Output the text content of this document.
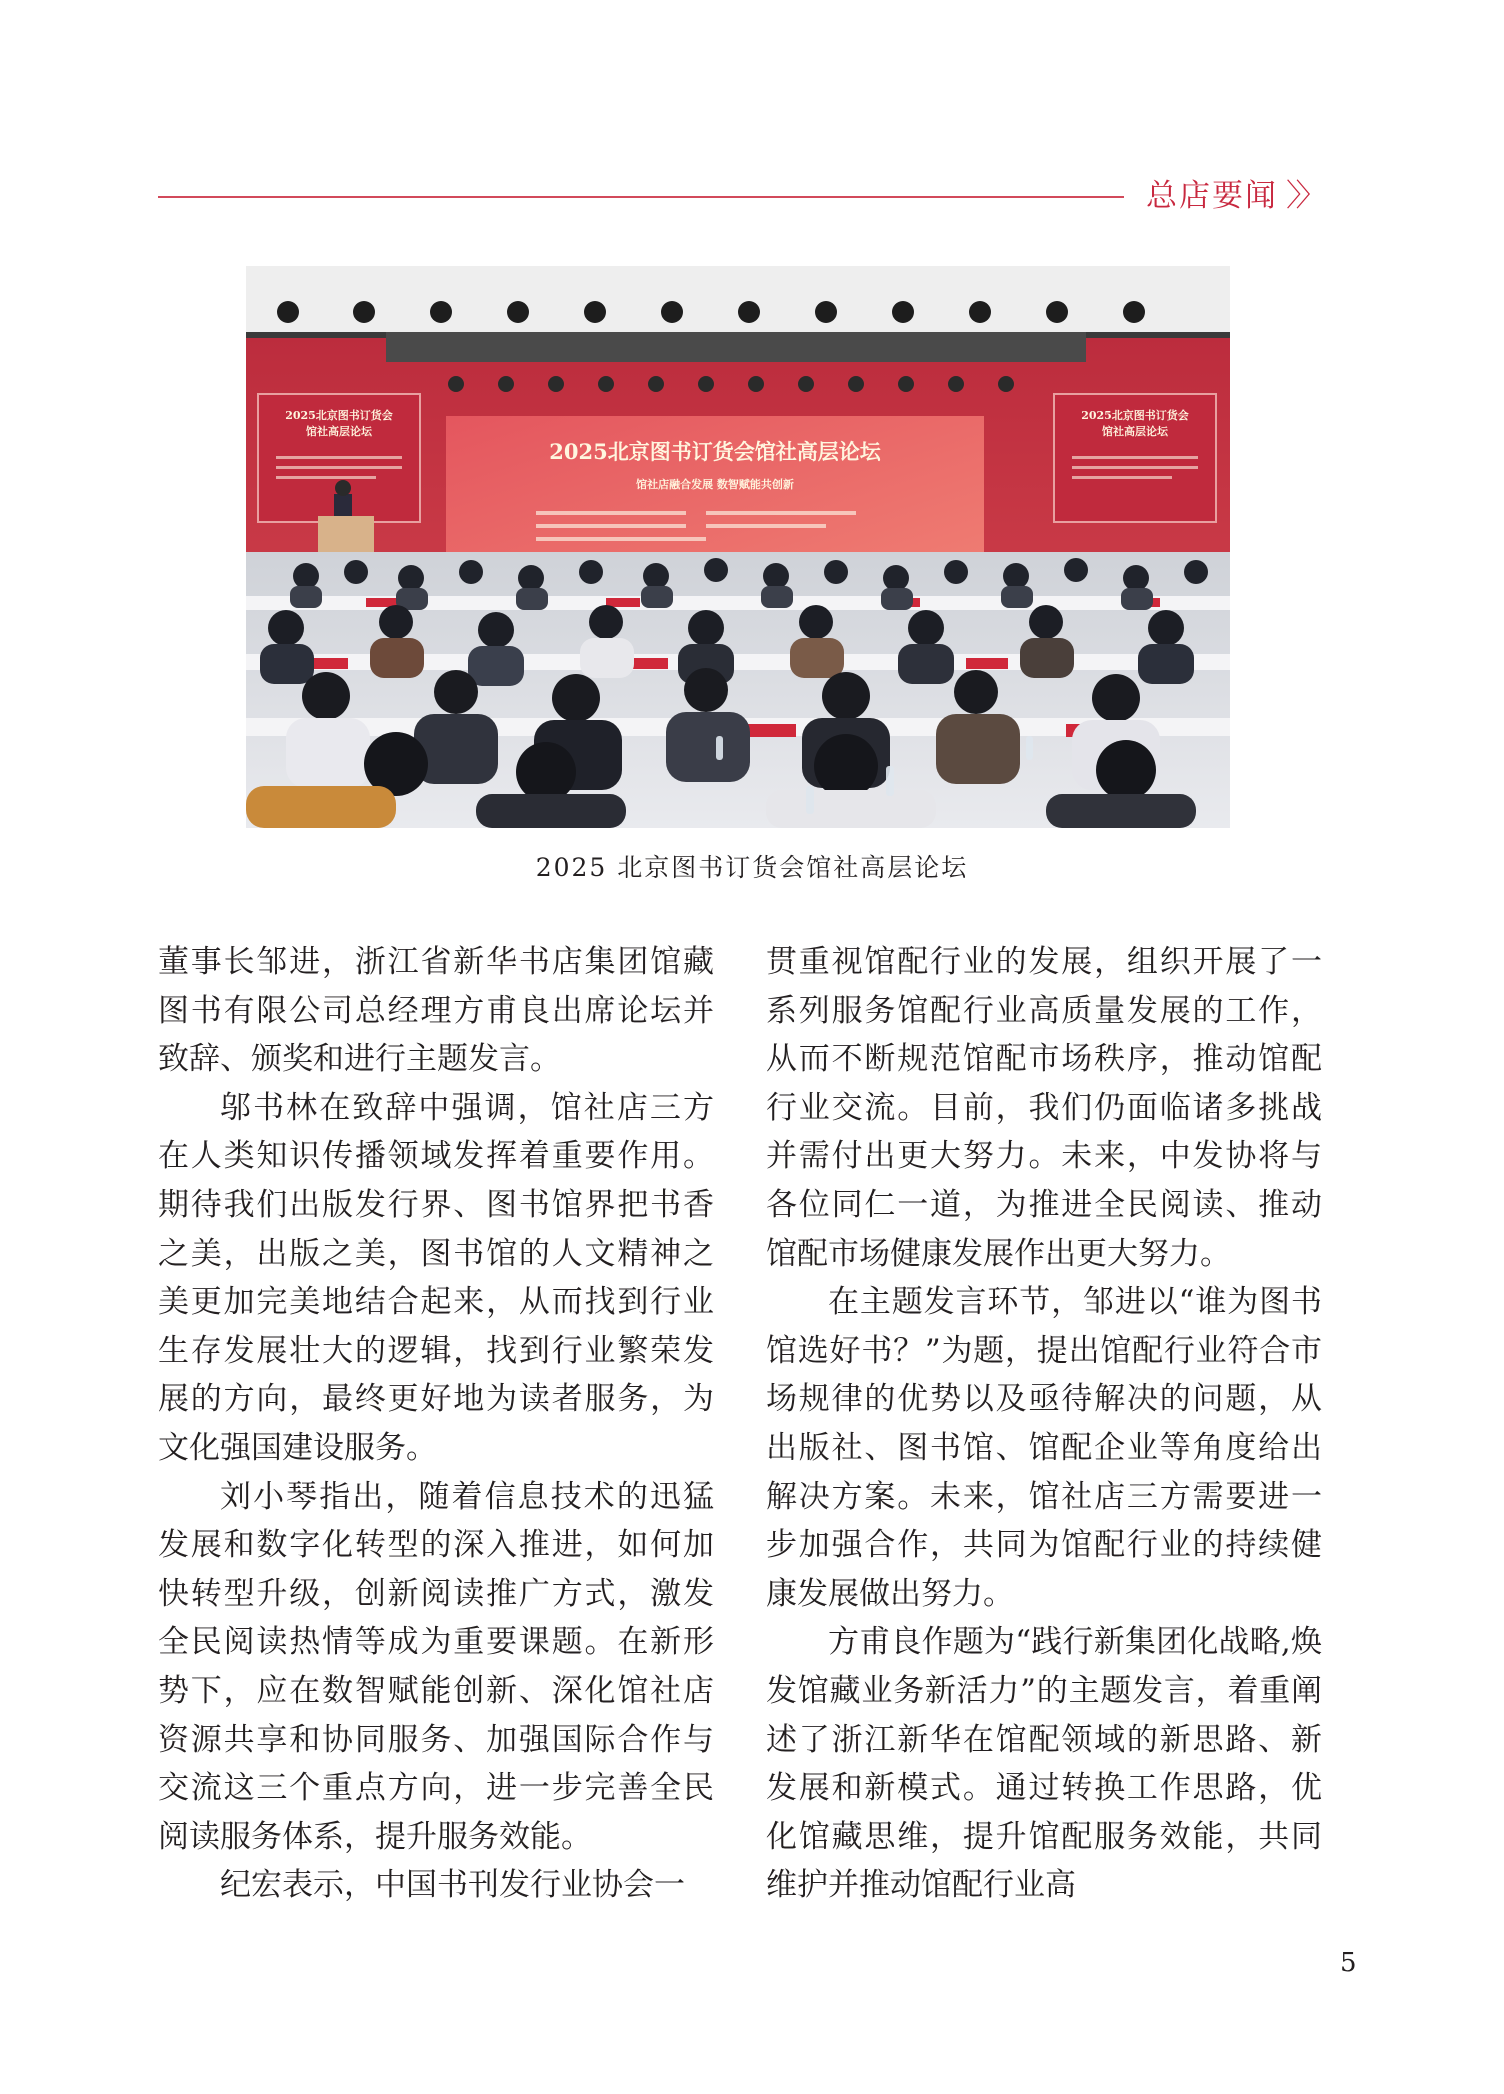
总店要闻 〉〉
2025北京图书订货会馆社高层论坛
馆社店融合发展 数智赋能共创新
2025北京图书订货会
馆社高层论坛
2025北京图书订货会
馆社高层论坛
2025 北京图书订货会馆社高层论坛

董事长邹进，浙江省新华书店集团馆藏图书有限公司总经理方甫良出席论坛并致辞、颁奖和进行主题发言。

邬书林在致辞中强调，馆社店三方在人类知识传播领域发挥着重要作用。期待我们出版发行界、图书馆界把书香之美，出版之美，图书馆的人文精神之美更加完美地结合起来，从而找到行业生存发展壮大的逻辑，找到行业繁荣发展的方向，最终更好地为读者服务，为文化强国建设服务。

刘小琴指出，随着信息技术的迅猛发展和数字化转型的深入推进，如何加快转型升级，创新阅读推广方式，激发全民阅读热情等成为重要课题。在新形势下，应在数智赋能创新、深化馆社店资源共享和协同服务、加强国际合作与交流这三个重点方向，进一步完善全民阅读服务体系，提升服务效能。

纪宏表示，中国书刊发行业协会一

贯重视馆配行业的发展，组织开展了一系列服务馆配行业高质量发展的工作，从而不断规范馆配市场秩序，推动馆配行业交流。目前，我们仍面临诸多挑战并需付出更大努力。未来，中发协将与各位同仁一道，为推进全民阅读、推动馆配市场健康发展作出更大努力。

在主题发言环节，邹进以“谁为图书馆选好书？”为题，提出馆配行业符合市场规律的优势以及亟待解决的问题，从出版社、图书馆、馆配企业等角度给出解决方案。未来，馆社店三方需要进一步加强合作，共同为馆配行业的持续健康发展做出努力。

方甫良作题为“践行新集团化战略,焕发馆藏业务新活力”的主题发言，着重阐述了浙江新华在馆配领域的新思路、新发展和新模式。通过转换工作思路，优化馆藏思维，提升馆配服务效能，共同维护并推动馆配行业高

5
